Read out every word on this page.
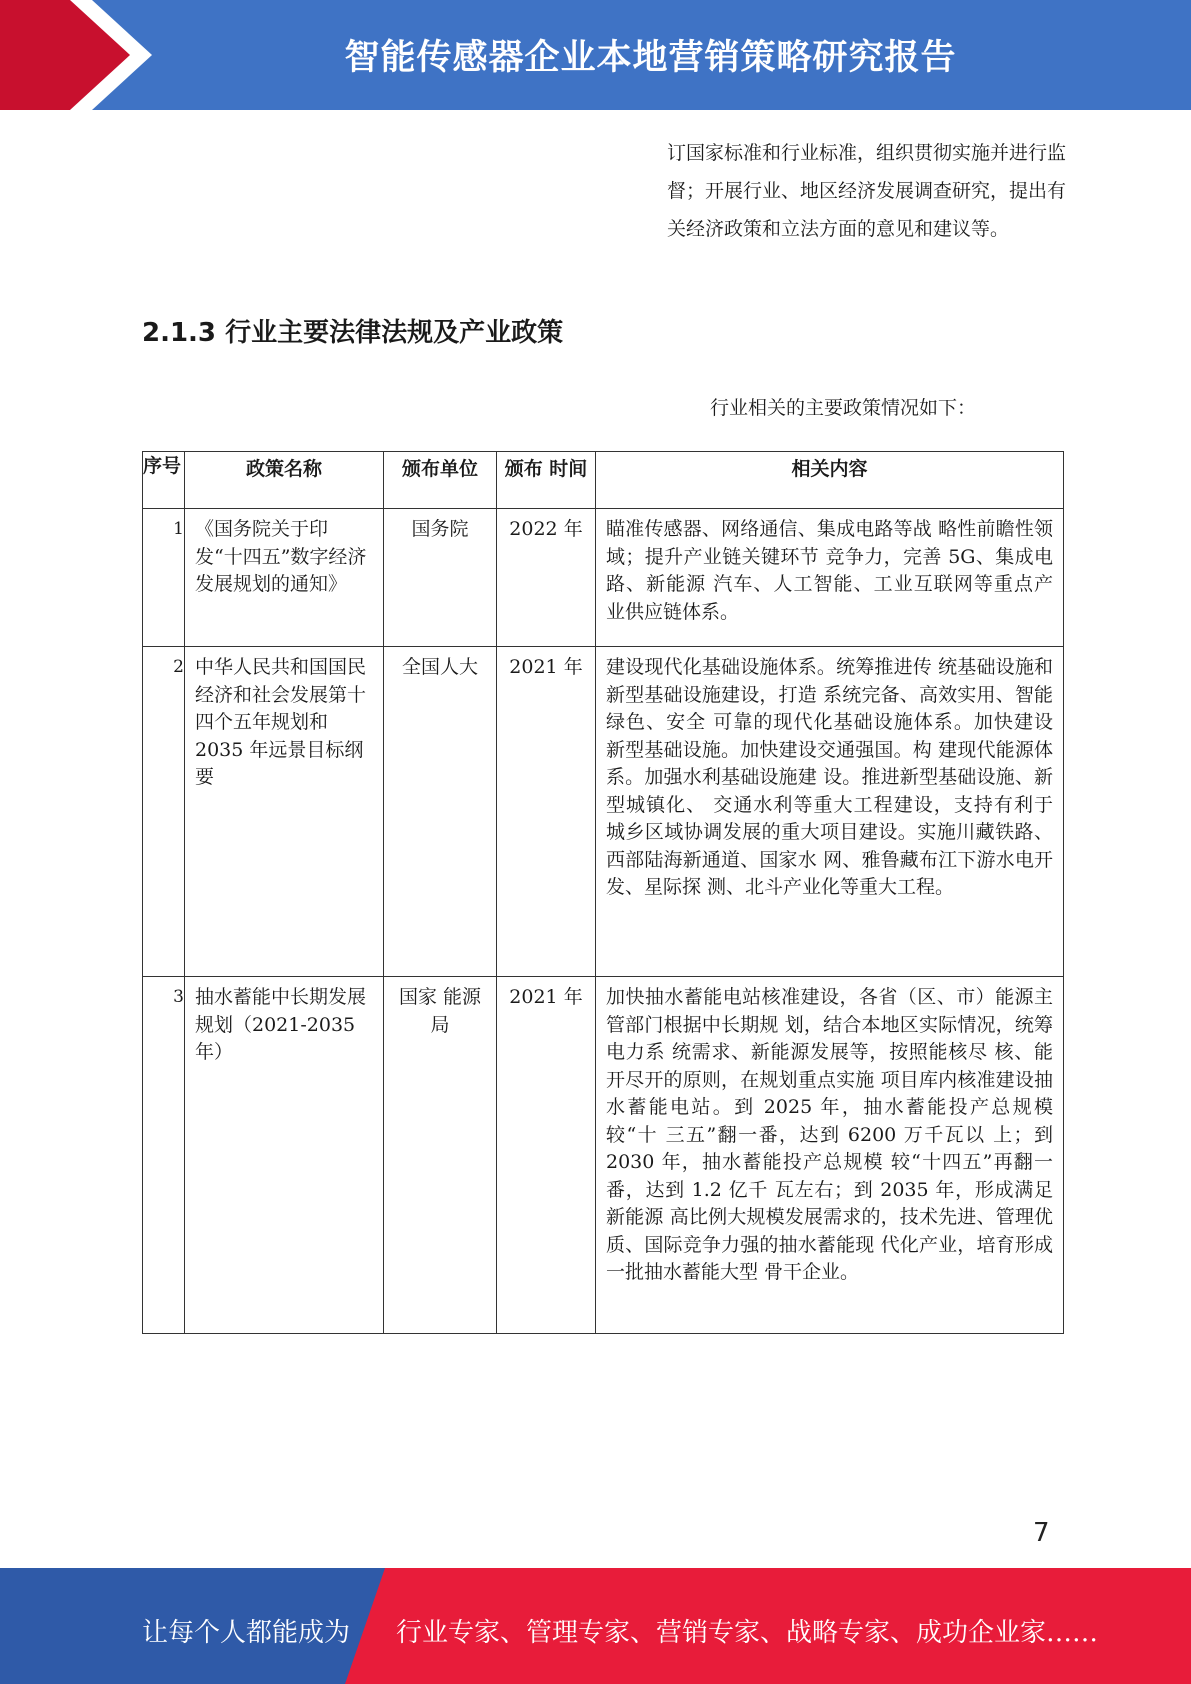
智能传感器企业本地营销策略研究报告

订国家标准和行业标准，组织贯彻实施并进行监督；开展行业、地区经济发展调查研究，提出有关经济政策和立法方面的意见和建议等。

2.1.3 行业主要法律法规及产业政策

行业相关的主要政策情况如下：

序号	政策名称	颁布单位	颁布 时间	相关内容
1	《国务院关于印发“十四五”数字经济发展规划的通知》	国务院	2022 年	瞄准传感器、网络通信、集成电路等战 略性前瞻性领域；提升产业链关键环节 竞争力，完善 5G、集成电路、新能源 汽车、人工智能、工业互联网等重点产 业供应链体系。
2	中华人民共和国国民经济和社会发展第十四个五年规划和 2035 年远景目标纲要	全国人大	2021 年	建设现代化基础设施体系。统筹推进传 统基础设施和新型基础设施建设，打造 系统完备、高效实用、智能绿色、安全 可靠的现代化基础设施体系。加快建设 新型基础设施。加快建设交通强国。构 建现代能源体系。加强水利基础设施建 设。推进新型基础设施、新型城镇化、 交通水利等重大工程建设，支持有利于 城乡区域协调发展的重大项目建设。实施川藏铁路、西部陆海新通道、国家水 网、雅鲁藏布江下游水电开发、星际探 测、北斗产业化等重大工程。
3	抽水蓄能中长期发展规划（2021-2035 年）	国家 能源局	2021 年	加快抽水蓄能电站核准建设，各省（区、市）能源主管部门根据中长期规 划，结合本地区实际情况，统筹电力系 统需求、新能源发展等，按照能核尽 核、能开尽开的原则，在规划重点实施 项目库内核准建设抽水蓄能电站。到 2025 年，抽水蓄能投产总规模较“十 三五”翻一番，达到 6200 万千瓦以 上；到 2030 年，抽水蓄能投产总规模 较“十四五”再翻一番，达到 1.2 亿千 瓦左右；到 2035 年，形成满足新能源 高比例大规模发展需求的，技术先进、管理优质、国际竞争力强的抽水蓄能现 代化产业，培育形成一批抽水蓄能大型 骨干企业。
7
让每个人都能成为 行业专家、管理专家、营销专家、战略专家、成功企业家……
